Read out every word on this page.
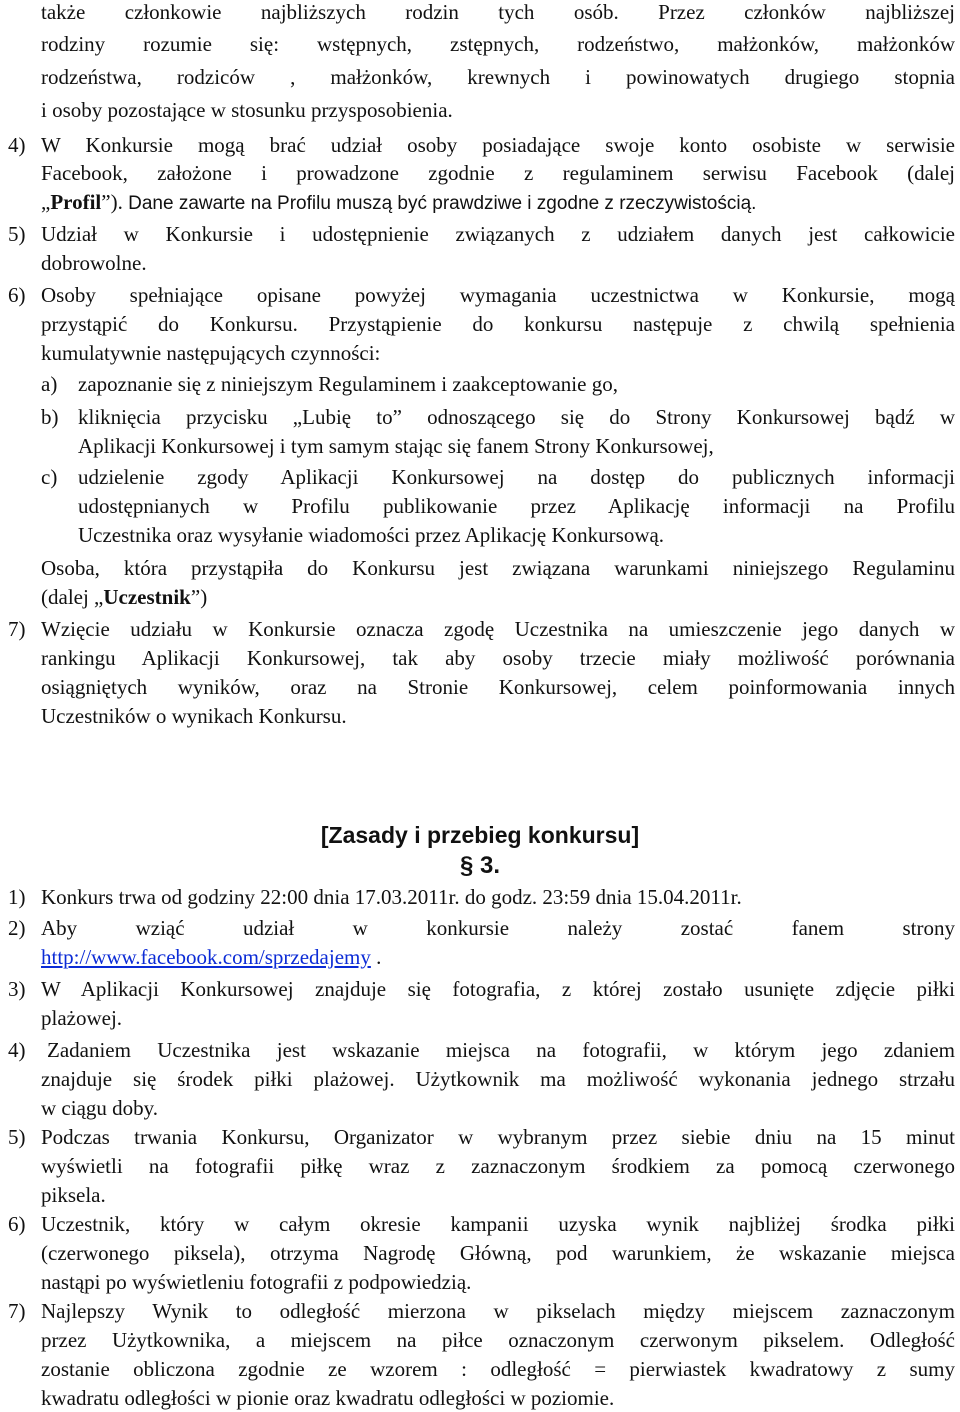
także członkowie najbliższych rodzin tych osób. Przez członków najbliższej
rodziny rozumie się: wstępnych, zstępnych, rodzeństwo, małżonków, małżonków
rodzeństwa, rodziców , małżonków, krewnych i powinowatych drugiego stopnia
i osoby pozostające w stosunku przysposobienia.
4) W Konkursie mogą brać udział osoby posiadające swoje konto osobiste w serwisie
Facebook, założone i prowadzone zgodnie z regulaminem serwisu Facebook (dalej
„Profil”). Dane zawarte na Profilu muszą być prawdziwe i zgodne z rzeczywistością.
5) Udział w Konkursie i udostępnienie związanych z udziałem danych jest całkowicie
dobrowolne.
6) Osoby spełniające opisane powyżej wymagania uczestnictwa w Konkursie, mogą
przystąpić do Konkursu. Przystąpienie do konkursu następuje z chwilą spełnienia
kumulatywnie następujących czynności:
a) zapoznanie się z niniejszym Regulaminem i zaakceptowanie go,
b) kliknięcia przycisku „Lubię to” odnoszącego się do Strony Konkursowej bądź w
Aplikacji Konkursowej i tym samym stając się fanem Strony Konkursowej,
c) udzielenie zgody Aplikacji Konkursowej na dostęp do publicznych informacji
udostępnianych w Profilu publikowanie przez Aplikację informacji na Profilu
Uczestnika oraz wysyłanie wiadomości przez Aplikację Konkursową.
Osoba, która przystąpiła do Konkursu jest związana warunkami niniejszego Regulaminu
(dalej „Uczestnik”)
7) Wzięcie udziału w Konkursie oznacza zgodę Uczestnika na umieszczenie jego danych w
rankingu Aplikacji Konkursowej, tak aby osoby trzecie miały możliwość porównania
osiągniętych wyników, oraz na Stronie Konkursowej, celem poinformowania innych
Uczestników o wynikach Konkursu.
[Zasady i przebieg konkursu]
§ 3.
1) Konkurs trwa od godziny 22:00 dnia 17.03.2011r. do godz. 23:59 dnia 15.04.2011r.
2) Aby wziąć udział w konkursie należy zostać fanem strony
http://www.facebook.com/sprzedajemy .
3) W Aplikacji Konkursowej znajduje się fotografia, z której zostało usunięte zdjęcie piłki
plażowej.
4) Zadaniem Uczestnika jest wskazanie miejsca na fotografii, w którym jego zdaniem
znajduje się środek piłki plażowej. Użytkownik ma możliwość wykonania jednego strzału
w ciągu doby.
5) Podczas trwania Konkursu, Organizator w wybranym przez siebie dniu na 15 minut
wyświetli na fotografii piłkę wraz z zaznaczonym środkiem za pomocą czerwonego
piksela.
6) Uczestnik, który w całym okresie kampanii uzyska wynik najbliżej środka piłki
(czerwonego piksela), otrzyma Nagrodę Główną, pod warunkiem, że wskazanie miejsca
nastąpi po wyświetleniu fotografii z podpowiedzią.
7) Najlepszy Wynik to odległość mierzona w pikselach między miejscem zaznaczonym
przez Użytkownika, a miejscem na piłce oznaczonym czerwonym pikselem. Odległość
zostanie obliczona zgodnie ze wzorem : odległość = pierwiastek kwadratowy z sumy
kwadratu odległości w pionie oraz kwadratu odległości w poziomie.
